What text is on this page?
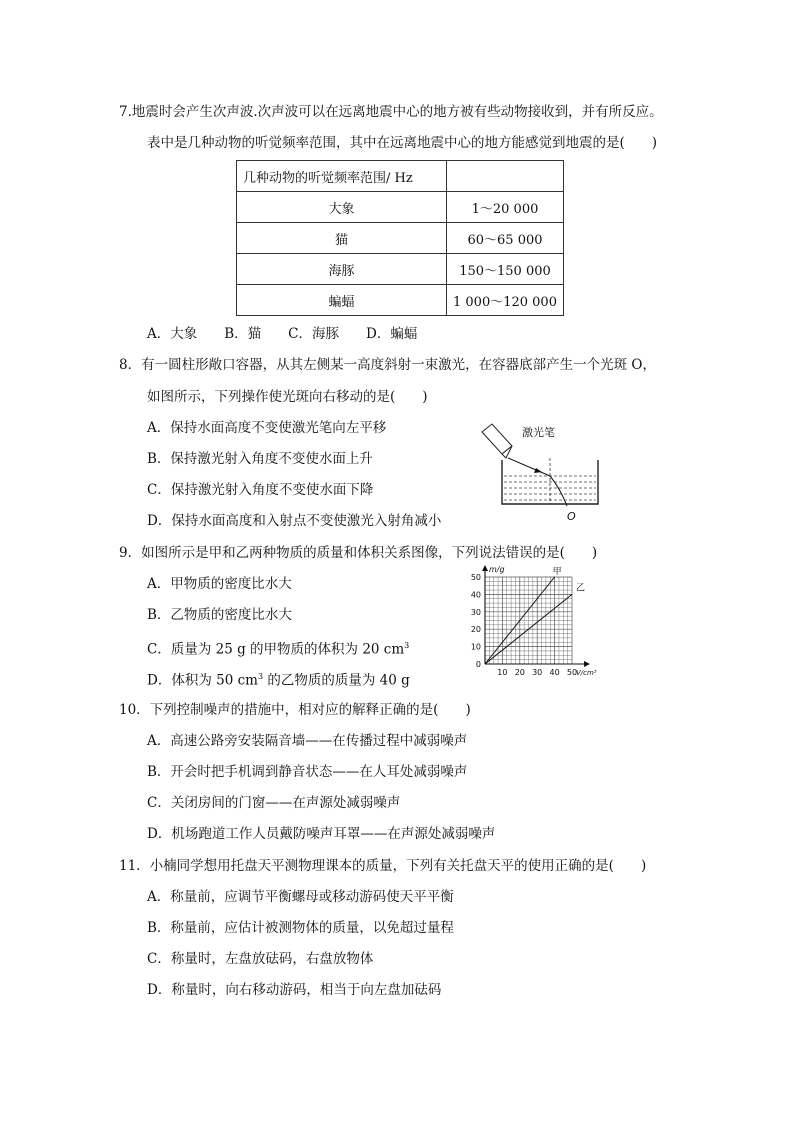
7.地震时会产生次声波.次声波可以在远离地震中心的地方被有些动物接收到，并有所反应。
表中是几种动物的听觉频率范围，其中在远离地震中心的地方能感觉到地震的是(　　)
几种动物的听觉频率范围/ Hz	
大象	1～20 000
猫	60～65 000
海豚	150～150 000
蝙蝠	1 000～120 000
A．大象　　B．猫　　C．海豚　　D．蝙蝠
8．有一圆柱形敞口容器，从其左侧某一高度斜射一束激光，在容器底部产生一个光斑 O，
如图所示，下列操作使光斑向右移动的是(　　)
A．保持水面高度不变使激光笔向左平移
B．保持激光射入角度不变使水面上升
C．保持激光射入角度不变使水面下降
D．保持水面高度和入射点不变使激光入射角减小
激光笔
O
9．如图所示是甲和乙两种物质的质量和体积关系图像，下列说法错误的是(　　)
A．甲物质的密度比水大
B．乙物质的密度比水大
C．质量为 25 g 的甲物质的体积为 20 $cm^3$
D．体积为 50 $cm^3$ 的乙物质的质量为 40 g	10 20 30 40 50
50
40
30
20
10
0
m/g
V/cm³
甲
乙
10．下列控制噪声的措施中，相对应的解释正确的是(　　)
A．高速公路旁安装隔音墙——在传播过程中减弱噪声
B．开会时把手机调到静音状态——在人耳处减弱噪声
C．关闭房间的门窗——在声源处减弱噪声
D．机场跑道工作人员戴防噪声耳罩——在声源处减弱噪声
11．小楠同学想用托盘天平测物理课本的质量，下列有关托盘天平的使用正确的是(　　)
A．称量前，应调节平衡螺母或移动游码使天平平衡
B．称量前，应估计被测物体的质量，以免超过量程
C．称量时，左盘放砝码，右盘放物体
D．称量时，向右移动游码，相当于向左盘加砝码
